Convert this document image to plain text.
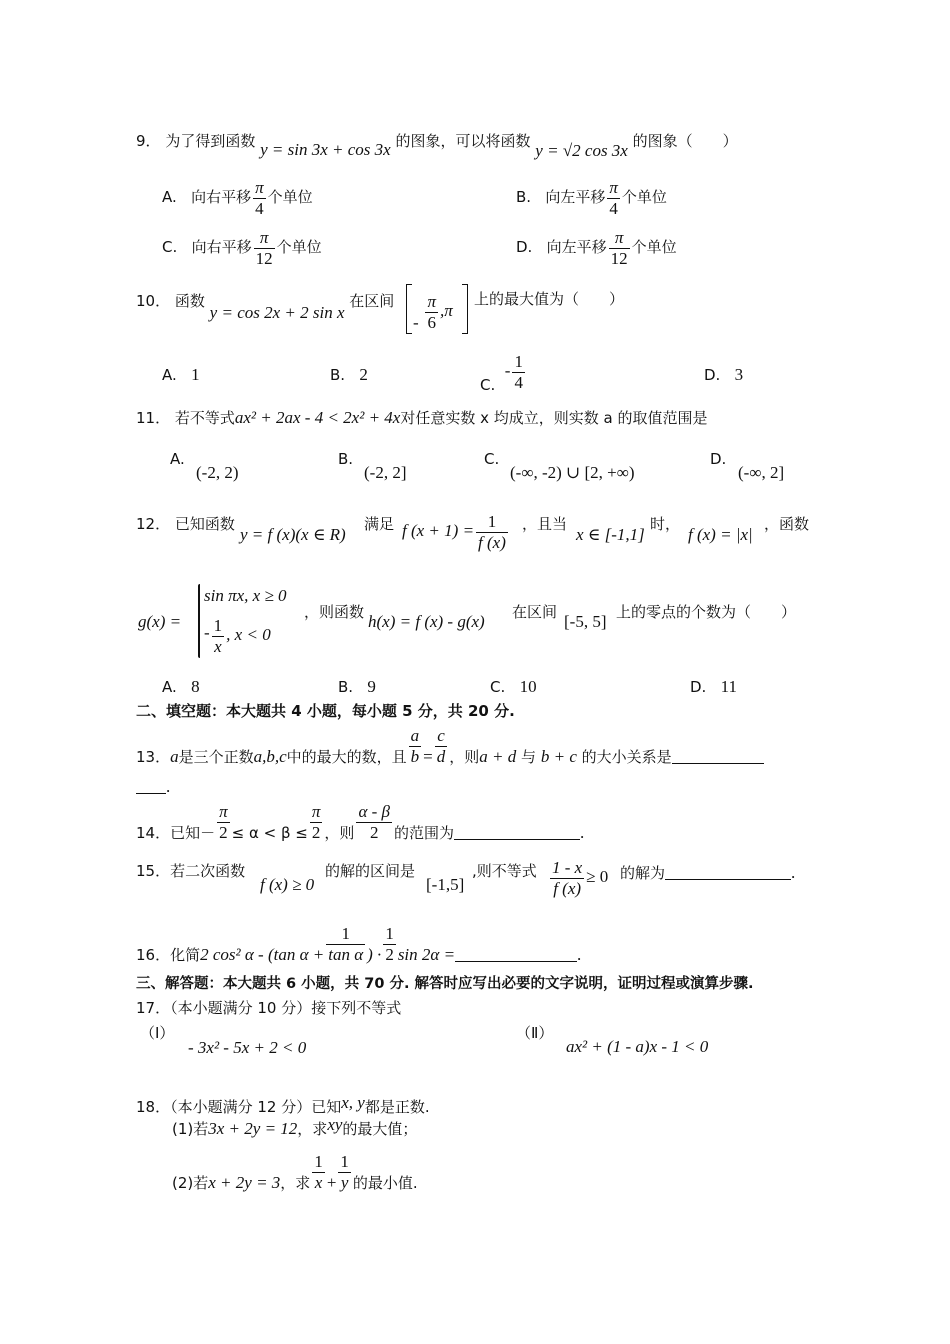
9． 为了得到函数 y = sin 3x + cos 3x 的图象，可以将函数 y = √2 cos 3x 的图象（　　）
A. 向右平移 $\frac{\pi}{4}$ 个单位	B. 向左平移 $\frac{\pi}{4}$ 个单位
C. 向右平移 $\frac{\pi}{12}$ 个单位	D. 向左平移 $\frac{\pi}{12}$ 个单位
10． 函数 y = cos 2x + 2 sin x 在区间
- $\frac{\pi}{6} ,\pi$
上的最大值为（　　）
A. 1	B. 2
C.  - $\frac{1}{4}$	D. 3
11． 若不等式ax² + 2ax - 4 < 2x² + 4x对任意实数 x 均成立，则实数 a 的取值范围是
A.
(-2, 2)
B.
(-2, 2]
C.
(-∞, -2) ∪ [2, +∞)
D.
(-∞, 2]
12． 已知函数
y = f (x)(x ∈ R)
满足 f $(x + 1) = \frac{1}{f (x)}$ ，且当
x ∈ [-1,1]
时，
f (x) = |x|
，函数
g(x) =
sin πx, x ≥ 0
- $\frac{1}{x}$ , x < 0
，则函数 h(x) = f (x) - g(x) 在区间 [-5, 5] 上的零点的个数为（　　）
A. 8	B. 9	C. 10	D. 11
二、填空题：本大题共 4 小题，每小题 5 分，共 20 分.
13．a是三个正数a,b,c中的最大的数，且 $\frac{a}{b} = \frac{c}{d}$ ，则a + d 与 b + c 的大小关系是
.
14．已知－ $\frac{\pi}{2} \le \alpha < \beta \le \frac{\pi}{2}$ ，则 $\frac{\alpha - \beta}{2}$ 的范围为	.
15．若二次函数
f (x) ≥ 0
的解的区间是
[-1,5]
,则不等式 $\frac{1 - x}{f (x)} \ge 0$ 的解为	.
16．化简2 cos² α - (tan $\alpha + \frac{1}{\text{tan α}}$ ) · $\frac{1}{2}$ sin 2α =	.
三、解答题：本大题共 6 小题，共 70 分. 解答时应写出必要的文字说明，证明过程或演算步骤.
17．（本小题满分 10 分）接下列不等式
（Ⅰ）
- 3x² - 5x + 2 < 0
（Ⅱ）
ax² + (1 - a)x - 1 < 0
18．（本小题满分 12 分）已知x, y都是正数.
(1)若3x + 2y = 12，求xy的最大值；
(2)若x + 2y = 3，求 $\frac{1}{x} + \frac{1}{y}$ 的最小值.
